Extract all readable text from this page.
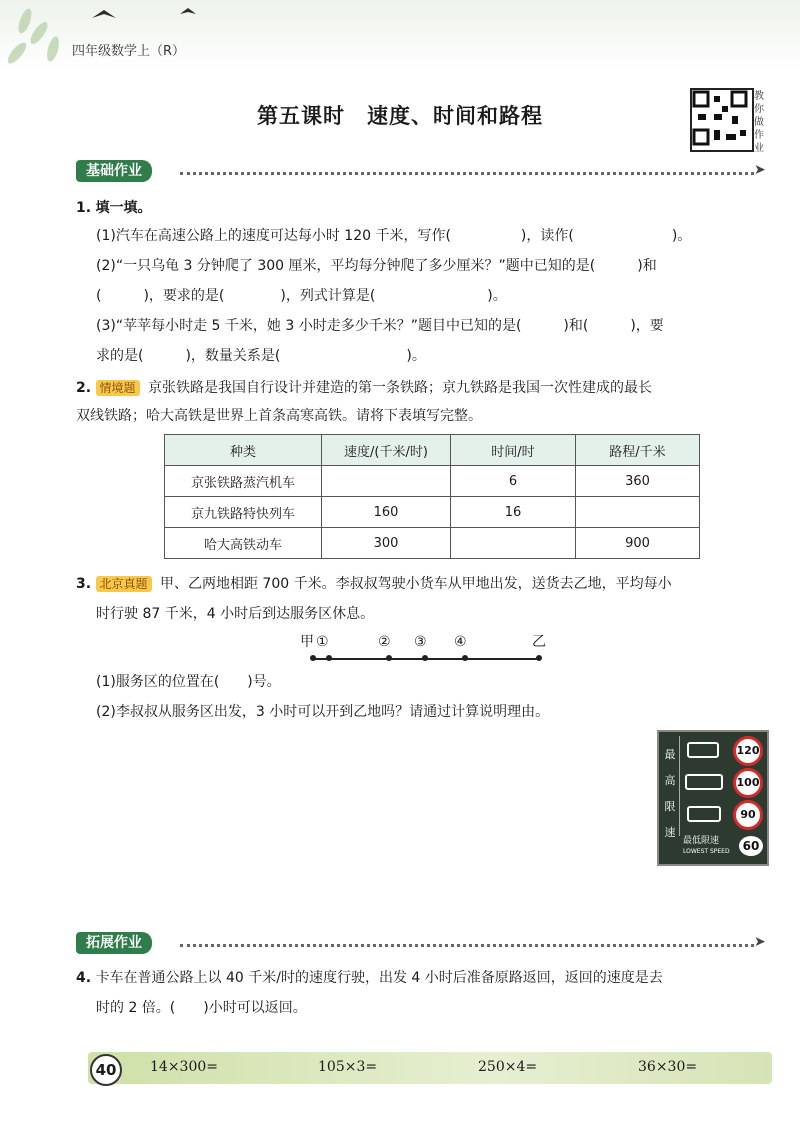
四年级数学上（R）
第五课时　速度、时间和路程
教你做作业
基础作业	➤
1. 填一填。
(1)汽车在高速公路上的速度可达每小时 120 千米，写作(　　　　　)，读作(　　　　　　　)。
(2)“一只乌龟 3 分钟爬了 300 厘米，平均每分钟爬了多少厘米？”题中已知的是(　　　)和
(　　　)，要求的是(　　　　)，列式计算是(　　　　　　　　)。
(3)“苹苹每小时走 5 千米，她 3 小时走多少千米？”题目中已知的是(　　　)和(　　　)，要
求的是(　　　)，数量关系是(　　　　　　　　　)。
2. 情境题 京张铁路是我国自行设计并建造的第一条铁路；京九铁路是我国一次性建成的最长
双线铁路；哈大高铁是世界上首条高寒高铁。请将下表填写完整。
种类	速度/(千米/时)	时间/时	路程/千米
京张铁路蒸汽机车		6	360
京九铁路特快列车	160	16	
哈大高铁动车	300		900
3. 北京真题 甲、乙两地相距 700 千米。李叔叔驾驶小货车从甲地出发，送货去乙地，平均每小
时行驶 87 千米，4 小时后到达服务区休息。
甲 ①	② ③ ④	乙
(1)服务区的位置在(　　)号。
(2)李叔叔从服务区出发，3 小时可以开到乙地吗？请通过计算说明理由。
最
高
限
速
120
100
90
最低限速
LOWEST SPEED	60
拓展作业	➤
4. 卡车在普通公路上以 40 千米/时的速度行驶，出发 4 小时后准备原路返回，返回的速度是去
时的 2 倍。(　　)小时可以返回。
40	14×300=	105×3=	250×4=	36×30=
